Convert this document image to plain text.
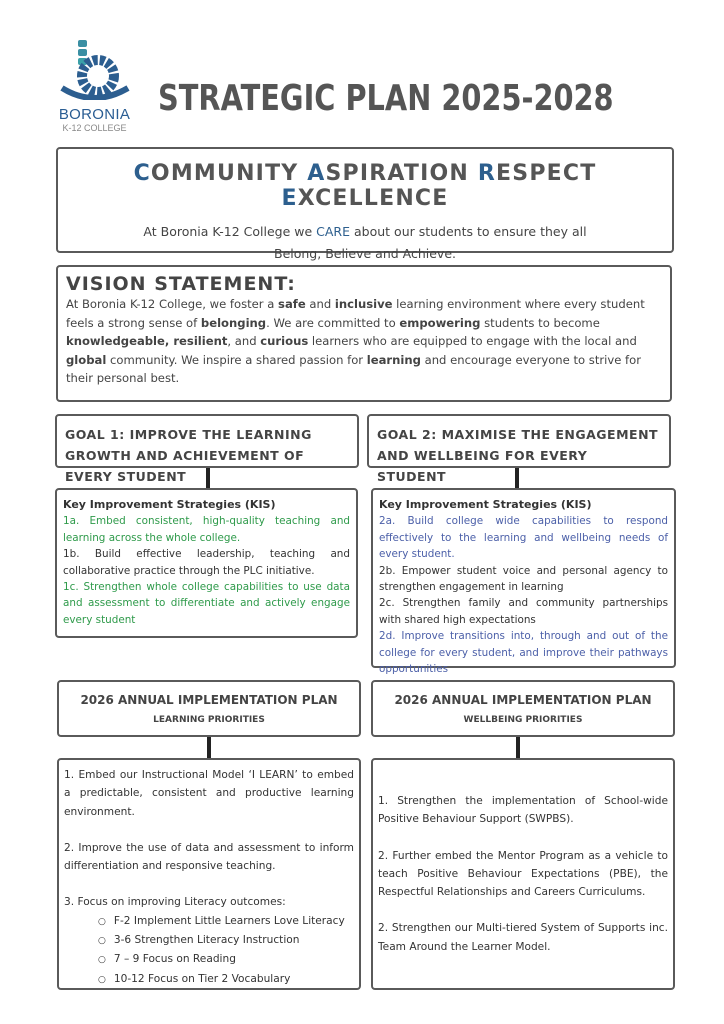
BORONIA
K-12 COLLEGE
STRATEGIC PLAN 2025-2028
COMMUNITY ASPIRATION RESPECT EXCELLENCE
At Boronia K-12 College we CARE about our students to ensure they all
Belong, Believe and Achieve.
VISION STATEMENT:
At Boronia K-12 College, we foster a safe and inclusive learning environment where every student feels a strong sense of belonging. We are committed to empowering students to become knowledgeable, resilient, and curious learners who are equipped to engage with the local and global community. We inspire a shared passion for learning and encourage everyone to strive for their personal best.
GOAL 1: IMPROVE THE LEARNING GROWTH AND ACHIEVEMENT OF EVERY STUDENT
GOAL 2: MAXIMISE THE ENGAGEMENT AND WELLBEING FOR EVERY STUDENT
Key Improvement Strategies (KIS)
1a. Embed consistent, high-quality teaching and learning across the whole college.
1b. Build effective leadership, teaching and collaborative practice through the PLC initiative.
1c. Strengthen whole college capabilities to use data and assessment to differentiate and actively engage every student
Key Improvement Strategies (KIS)
2a. Build college wide capabilities to respond effectively to the learning and wellbeing needs of every student.
2b. Empower student voice and personal agency to strengthen engagement in learning
2c. Strengthen family and community partnerships with shared high expectations
2d. Improve transitions into, through and out of the college for every student, and improve their pathways opportunities
2026 ANNUAL IMPLEMENTATION PLAN
LEARNING PRIORITIES
2026 ANNUAL IMPLEMENTATION PLAN
WELLBEING PRIORITIES

1. Embed our Instructional Model ‘I LEARN’ to embed a predictable, consistent and productive learning environment.

2. Improve the use of data and assessment to inform differentiation and responsive teaching.

3. Focus on improving Literacy outcomes:

○ F-2 Implement Little Learners Love Literacy
○ 3-6 Strengthen Literacy Instruction
○ 7 – 9 Focus on Reading
○ 10-12 Focus on Tier 2 Vocabulary

1. Strengthen the implementation of School-wide Positive Behaviour Support (SWPBS).

2. Further embed the Mentor Program as a vehicle to teach Positive Behaviour Expectations (PBE), the Respectful Relationships and Careers Curriculums.

2. Strengthen our Multi-tiered System of Supports inc. Team Around the Learner Model.
